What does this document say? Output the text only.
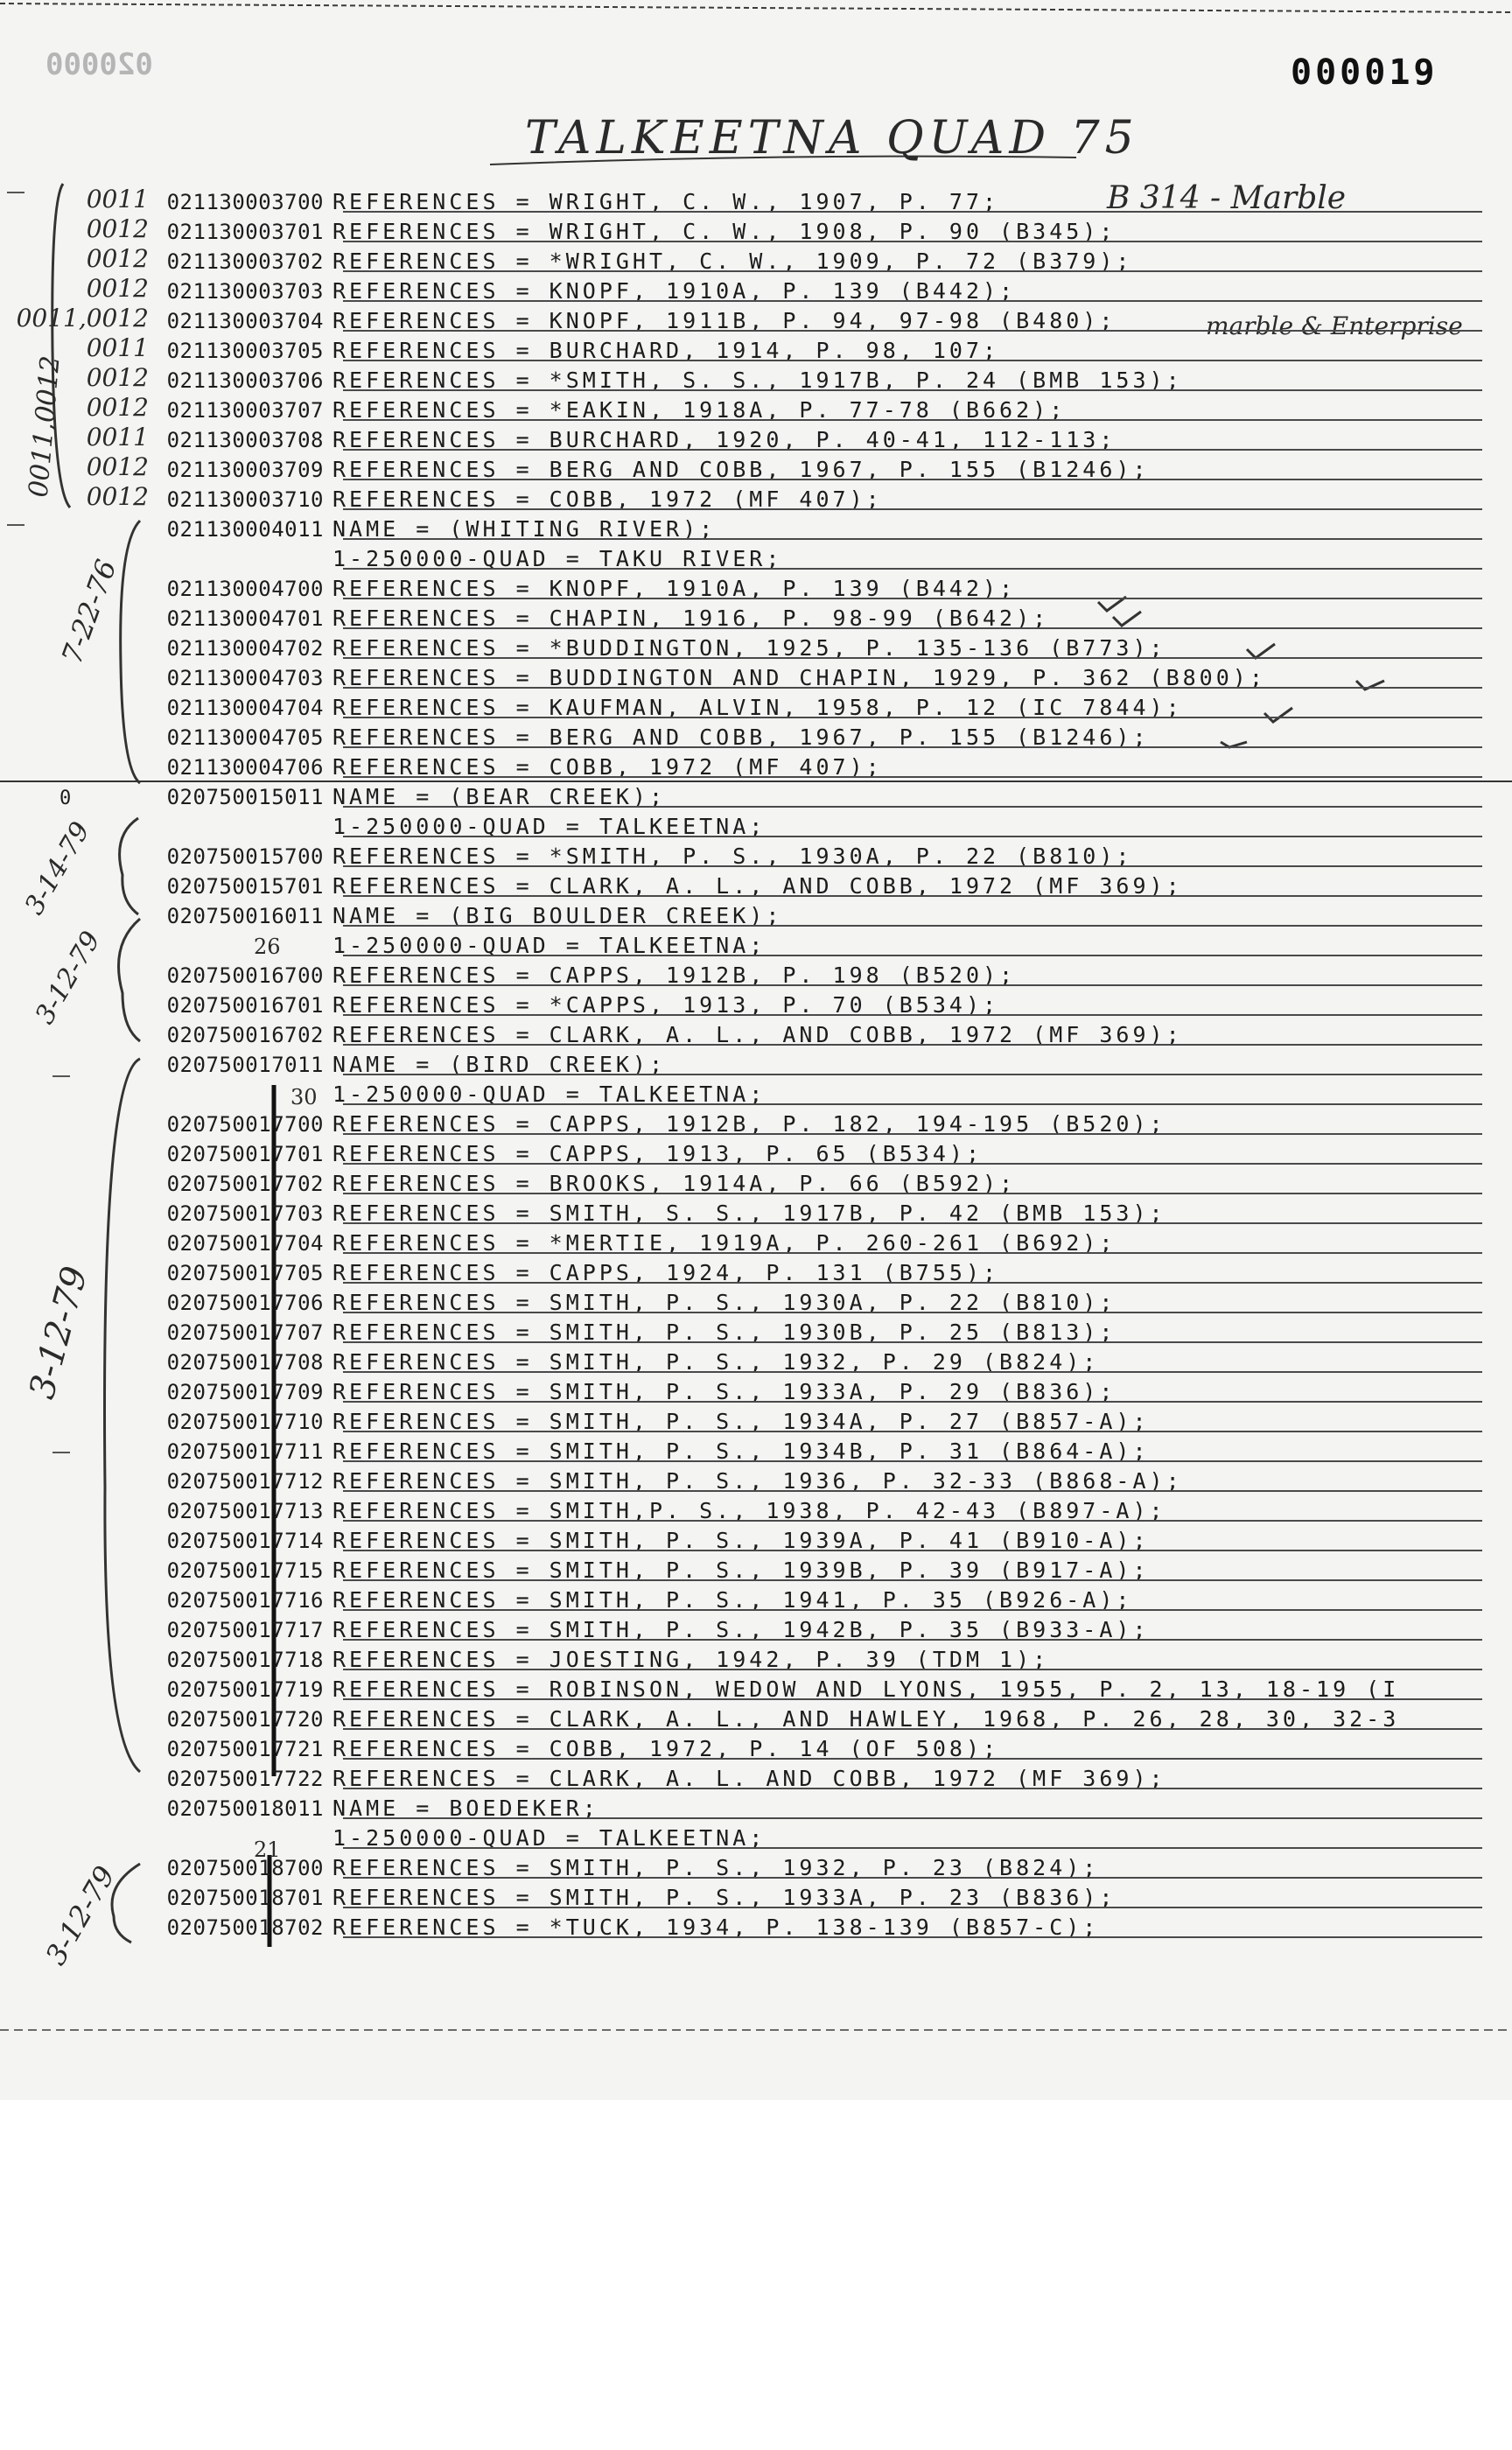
020000	000019
TALKEETNA QUAD 75
B 314 - Marble
marble & Enterprise
0011,0012
7-22-76
0
3-14-79
3-12-79
3-12-79
3-12-79
26
30
21
0011 021130003700 REFERENCES = WRIGHT, C. W., 1907, P. 77;
0012 021130003701 REFERENCES = WRIGHT, C. W., 1908, P. 90 (B345);
0012 021130003702 REFERENCES = *WRIGHT, C. W., 1909, P. 72 (B379);
0012 021130003703 REFERENCES = KNOPF, 1910A, P. 139 (B442);
0011,0012 021130003704 REFERENCES = KNOPF, 1911B, P. 94, 97-98 (B480);
0011 021130003705 REFERENCES = BURCHARD, 1914, P. 98, 107;
0012 021130003706 REFERENCES = *SMITH, S. S., 1917B, P. 24 (BMB 153);
0012 021130003707 REFERENCES = *EAKIN, 1918A, P. 77-78 (B662);
0011 021130003708 REFERENCES = BURCHARD, 1920, P. 40-41, 112-113;
0012 021130003709 REFERENCES = BERG AND COBB, 1967, P. 155 (B1246);
0012 021130003710 REFERENCES = COBB, 1972 (MF 407);
021130004011 NAME = (WHITING RIVER);
1-250000-QUAD = TAKU RIVER;
021130004700 REFERENCES = KNOPF, 1910A, P. 139 (B442);
021130004701 REFERENCES = CHAPIN, 1916, P. 98-99 (B642);
021130004702 REFERENCES = *BUDDINGTON, 1925, P. 135-136 (B773);
021130004703 REFERENCES = BUDDINGTON AND CHAPIN, 1929, P. 362 (B800);
021130004704 REFERENCES = KAUFMAN, ALVIN, 1958, P. 12 (IC 7844);
021130004705 REFERENCES = BERG AND COBB, 1967, P. 155 (B1246);
021130004706 REFERENCES = COBB, 1972 (MF 407);
020750015011 NAME = (BEAR CREEK);
1-250000-QUAD = TALKEETNA;
020750015700 REFERENCES = *SMITH, P. S., 1930A, P. 22 (B810);
020750015701 REFERENCES = CLARK, A. L., AND COBB, 1972 (MF 369);
020750016011 NAME = (BIG BOULDER CREEK);
1-250000-QUAD = TALKEETNA;
020750016700 REFERENCES = CAPPS, 1912B, P. 198 (B520);
020750016701 REFERENCES = *CAPPS, 1913, P. 70 (B534);
020750016702 REFERENCES = CLARK, A. L., AND COBB, 1972 (MF 369);
020750017011 NAME = (BIRD CREEK);
1-250000-QUAD = TALKEETNA;
020750017700 REFERENCES = CAPPS, 1912B, P. 182, 194-195 (B520);
020750017701 REFERENCES = CAPPS, 1913, P. 65 (B534);
020750017702 REFERENCES = BROOKS, 1914A, P. 66 (B592);
020750017703 REFERENCES = SMITH, S. S., 1917B, P. 42 (BMB 153);
020750017704 REFERENCES = *MERTIE, 1919A, P. 260-261 (B692);
020750017705 REFERENCES = CAPPS, 1924, P. 131 (B755);
020750017706 REFERENCES = SMITH, P. S., 1930A, P. 22 (B810);
020750017707 REFERENCES = SMITH, P. S., 1930B, P. 25 (B813);
020750017708 REFERENCES = SMITH, P. S., 1932, P. 29 (B824);
020750017709 REFERENCES = SMITH, P. S., 1933A, P. 29 (B836);
020750017710 REFERENCES = SMITH, P. S., 1934A, P. 27 (B857-A);
020750017711 REFERENCES = SMITH, P. S., 1934B, P. 31 (B864-A);
020750017712 REFERENCES = SMITH, P. S., 1936, P. 32-33 (B868-A);
020750017713 REFERENCES = SMITH,P. S., 1938, P. 42-43 (B897-A);
020750017714 REFERENCES = SMITH, P. S., 1939A, P. 41 (B910-A);
020750017715 REFERENCES = SMITH, P. S., 1939B, P. 39 (B917-A);
020750017716 REFERENCES = SMITH, P. S., 1941, P. 35 (B926-A);
020750017717 REFERENCES = SMITH, P. S., 1942B, P. 35 (B933-A);
020750017718 REFERENCES = JOESTING, 1942, P. 39 (TDM 1);
020750017719 REFERENCES = ROBINSON, WEDOW AND LYONS, 1955, P. 2, 13, 18-19 (I
020750017720 REFERENCES = CLARK, A. L., AND HAWLEY, 1968, P. 26, 28, 30, 32-3
020750017721 REFERENCES = COBB, 1972, P. 14 (OF 508);
020750017722 REFERENCES = CLARK, A. L. AND COBB, 1972 (MF 369);
020750018011 NAME = BOEDEKER;
1-250000-QUAD = TALKEETNA;
020750018700 REFERENCES = SMITH, P. S., 1932, P. 23 (B824);
020750018701 REFERENCES = SMITH, P. S., 1933A, P. 23 (B836);
020750018702 REFERENCES = *TUCK, 1934, P. 138-139 (B857-C);
